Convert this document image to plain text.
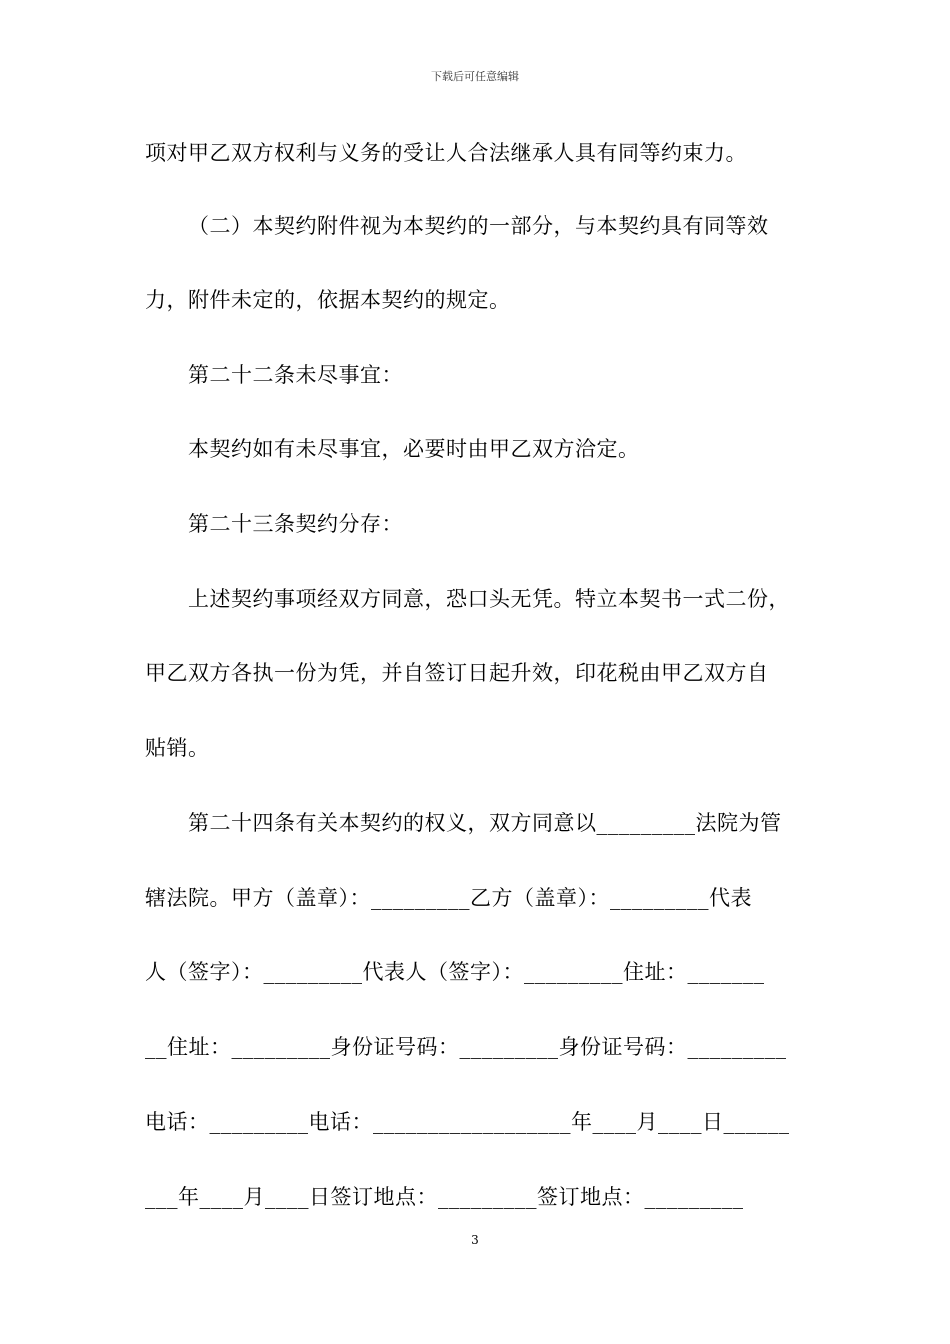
下载后可任意编辑
项对甲乙双方权利与义务的受让人合法继承人具有同等约束力。
（二）本契约附件视为本契约的一部分，与本契约具有同等效
力，附件未定的，依据本契约的规定。
第二十二条未尽事宜：
本契约如有未尽事宜，必要时由甲乙双方洽定。
第二十三条契约分存：
上述契约事项经双方同意，恐口头无凭。特立本契书一式二份，
甲乙双方各执一份为凭，并自签订日起升效，印花税由甲乙双方自
贴销。
第二十四条有关本契约的权义，双方同意以_________法院为管
辖法院。甲方（盖章）：_________乙方（盖章）：_________代表
人（签字）：_________代表人（签字）：_________住址：_______
__住址：_________身份证号码：_________身份证号码：_________
电话：_________电话：__________________年____月____日______
___年____月____日签订地点：_________签订地点：_________
3
